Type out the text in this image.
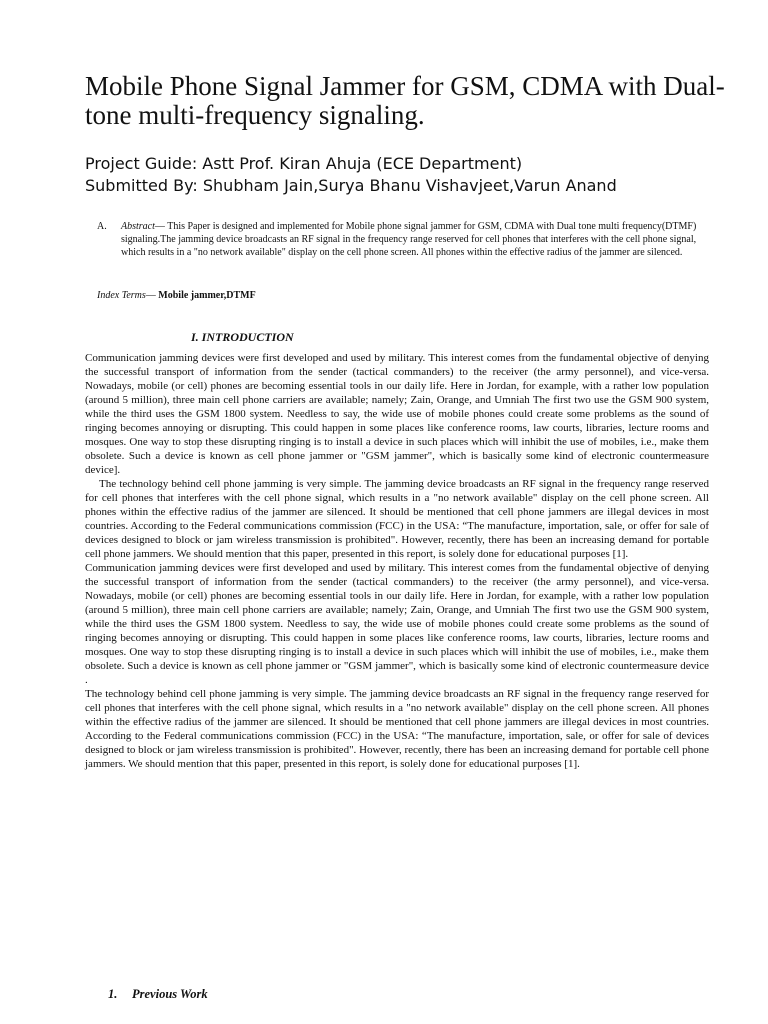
Mobile Phone Signal Jammer for GSM, CDMA with Dual-tone multi-frequency signaling.
Project Guide: Astt Prof. Kiran Ahuja (ECE Department)
Submitted By: Shubham Jain,Surya Bhanu Vishavjeet,Varun Anand
A. Abstract— This Paper is designed and implemented for Mobile phone signal jammer for GSM, CDMA with Dual tone multi frequency(DTMF) signaling.The jamming device broadcasts an RF signal in the frequency range reserved for cell phones that interferes with the cell phone signal, which results in a "no network available" display on the cell phone screen. All phones within the effective radius of the jammer are silenced.
Index Terms— Mobile jammer,DTMF
I. INTRODUCTION

Communication jamming devices were first developed and used by military. This interest comes from the fundamental objective of denying the successful transport of information from the sender (tactical commanders) to the receiver (the army personnel), and vice-versa. Nowadays, mobile (or cell) phones are becoming essential tools in our daily life. Here in Jordan, for example, with a rather low population (around 5 million), three main cell phone carriers are available; namely; Zain, Orange, and Umniah The first two use the GSM 900 system, while the third uses the GSM 1800 system. Needless to say, the wide use of mobile phones could create some problems as the sound of ringing becomes annoying or disrupting. This could happen in some places like conference rooms, law courts, libraries, lecture rooms and mosques. One way to stop these disrupting ringing is to install a device in such places which will inhibit the use of mobiles, i.e., make them obsolete. Such a device is known as cell phone jammer or "GSM jammer", which is basically some kind of electronic countermeasure device].

The technology behind cell phone jamming is very simple. The jamming device broadcasts an RF signal in the frequency range reserved for cell phones that interferes with the cell phone signal, which results in a "no network available" display on the cell phone screen. All phones within the effective radius of the jammer are silenced. It should be mentioned that cell phone jammers are illegal devices in most countries. According to the Federal communications commission (FCC) in the USA: “The manufacture, importation, sale, or offer for sale of devices designed to block or jam wireless transmission is prohibited". However, recently, there has been an increasing demand for portable cell phone jammers. We should mention that this paper, presented in this report, is solely done for educational purposes [1].

Communication jamming devices were first developed and used by military. This interest comes from the fundamental objective of denying the successful transport of information from the sender (tactical commanders) to the receiver (the army personnel), and vice-versa. Nowadays, mobile (or cell) phones are becoming essential tools in our daily life. Here in Jordan, for example, with a rather low population (around 5 million), three main cell phone carriers are available; namely; Zain, Orange, and Umniah The first two use the GSM 900 system, while the third uses the GSM 1800 system. Needless to say, the wide use of mobile phones could create some problems as the sound of ringing becomes annoying or disrupting. This could happen in some places like conference rooms, law courts, libraries, lecture rooms and mosques. One way to stop these disrupting ringing is to install a device in such places which will inhibit the use of mobiles, i.e., make them obsolete. Such a device is known as cell phone jammer or "GSM jammer", which is basically some kind of electronic countermeasure device .

The technology behind cell phone jamming is very simple. The jamming device broadcasts an RF signal in the frequency range reserved for cell phones that interferes with the cell phone signal, which results in a "no network available" display on the cell phone screen. All phones within the effective radius of the jammer are silenced. It should be mentioned that cell phone jammers are illegal devices in most countries. According to the Federal communications commission (FCC) in the USA: “The manufacture, importation, sale, or offer for sale of devices designed to block or jam wireless transmission is prohibited". However, recently, there has been an increasing demand for portable cell phone jammers. We should mention that this paper, presented in this report, is solely done for educational purposes [1].

1. Previous Work
